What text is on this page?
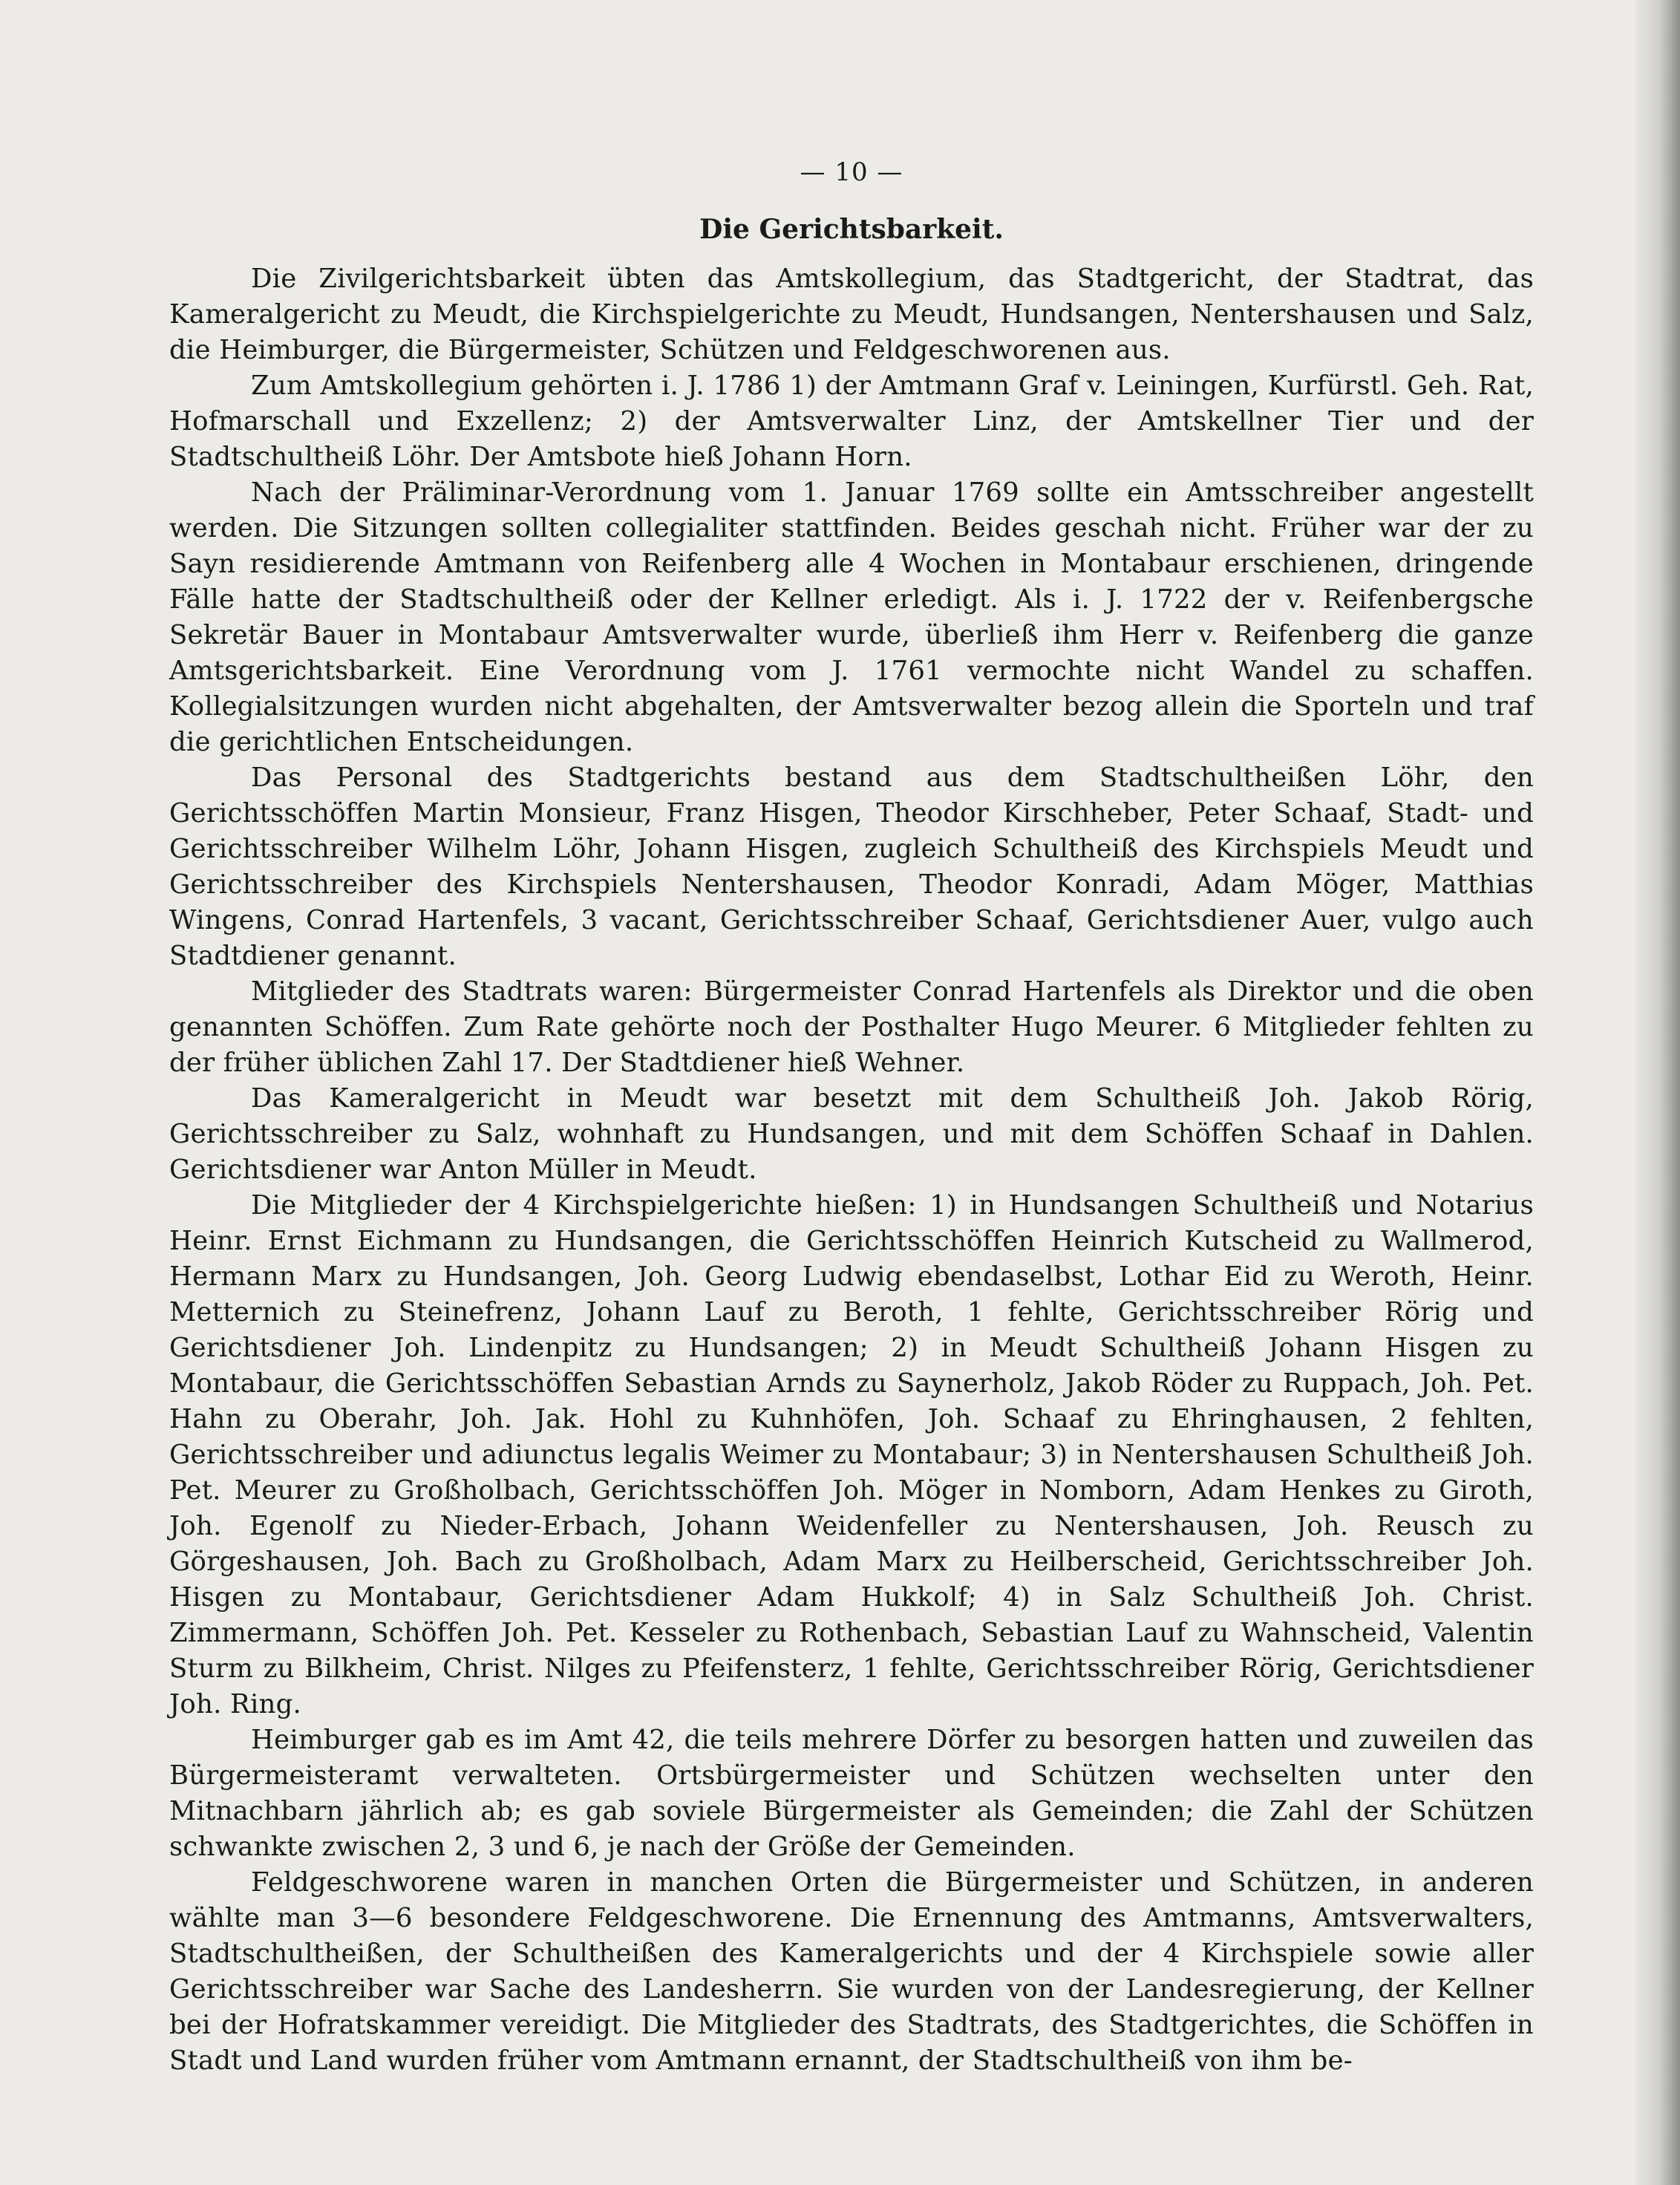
— 10 —
Die Gerichtsbarkeit.

Die Zivilgerichtsbarkeit übten das Amtskollegium, das Stadtgericht, der Stadtrat, das Kameralgericht zu Meudt, die Kirchspielgerichte zu Meudt, Hundsangen, Nentershausen und Salz, die Heimburger, die Bürgermeister, Schützen und Feldgeschworenen aus.

Zum Amtskollegium gehörten i. J. 1786 1) der Amtmann Graf v. Leiningen, Kurfürstl. Geh. Rat, Hofmarschall und Exzellenz; 2) der Amtsverwalter Linz, der Amtskellner Tier und der Stadtschultheiß Löhr. Der Amtsbote hieß Johann Horn.

Nach der Präliminar-Verordnung vom 1. Januar 1769 sollte ein Amtsschreiber angestellt werden. Die Sitzungen sollten collegialiter stattfinden. Beides geschah nicht. Früher war der zu Sayn residierende Amtmann von Reifenberg alle 4 Wochen in Montabaur erschienen, dringende Fälle hatte der Stadtschultheiß oder der Kellner erledigt. Als i. J. 1722 der v. Reifenbergsche Sekretär Bauer in Montabaur Amtsverwalter wurde, überließ ihm Herr v. Reifenberg die ganze Amtsgerichtsbarkeit. Eine Verordnung vom J. 1761 vermochte nicht Wandel zu schaffen. Kollegialsitzungen wurden nicht abgehalten, der Amtsverwalter bezog allein die Sporteln und traf die gerichtlichen Entscheidungen.

Das Personal des Stadtgerichts bestand aus dem Stadtschultheißen Löhr, den Gerichtsschöffen Martin Monsieur, Franz Hisgen, Theodor Kirschheber, Peter Schaaf, Stadt- und Gerichtsschreiber Wilhelm Löhr, Johann Hisgen, zugleich Schultheiß des Kirchspiels Meudt und Gerichtsschreiber des Kirchspiels Nentershausen, Theodor Konradi, Adam Möger, Matthias Wingens, Conrad Hartenfels, 3 vacant, Gerichtsschreiber Schaaf, Gerichtsdiener Auer, vulgo auch Stadtdiener genannt.

Mitglieder des Stadtrats waren: Bürgermeister Conrad Hartenfels als Direktor und die oben genannten Schöffen. Zum Rate gehörte noch der Posthalter Hugo Meurer. 6 Mitglieder fehlten zu der früher üblichen Zahl 17. Der Stadtdiener hieß Wehner.

Das Kameralgericht in Meudt war besetzt mit dem Schultheiß Joh. Jakob Rörig, Gerichtsschreiber zu Salz, wohnhaft zu Hundsangen, und mit dem Schöffen Schaaf in Dahlen. Gerichtsdiener war Anton Müller in Meudt.

Die Mitglieder der 4 Kirchspielgerichte hießen: 1) in Hundsangen Schultheiß und Notarius Heinr. Ernst Eichmann zu Hundsangen, die Gerichtsschöffen Heinrich Kutscheid zu Wallmerod, Hermann Marx zu Hundsangen, Joh. Georg Ludwig ebendaselbst, Lothar Eid zu Weroth, Heinr. Metternich zu Steinefrenz, Johann Lauf zu Beroth, 1 fehlte, Gerichtsschreiber Rörig und Gerichtsdiener Joh. Lindenpitz zu Hundsangen; 2) in Meudt Schultheiß Johann Hisgen zu Montabaur, die Gerichtsschöffen Sebastian Arnds zu Saynerholz, Jakob Röder zu Ruppach, Joh. Pet. Hahn zu Oberahr, Joh. Jak. Hohl zu Kuhnhöfen, Joh. Schaaf zu Ehringhausen, 2 fehlten, Gerichtsschreiber und adiunctus legalis Weimer zu Montabaur; 3) in Nentershausen Schultheiß Joh. Pet. Meurer zu Großholbach, Gerichtsschöffen Joh. Möger in Nomborn, Adam Henkes zu Giroth, Joh. Egenolf zu Nieder-Erbach, Johann Weidenfeller zu Nentershausen, Joh. Reusch zu Görgeshausen, Joh. Bach zu Großholbach, Adam Marx zu Heilberscheid, Gerichtsschreiber Joh. Hisgen zu Montabaur, Gerichtsdiener Adam Hukkolf; 4) in Salz Schultheiß Joh. Christ. Zimmermann, Schöffen Joh. Pet. Kesseler zu Rothenbach, Sebastian Lauf zu Wahnscheid, Valentin Sturm zu Bilkheim, Christ. Nilges zu Pfeifensterz, 1 fehlte, Gerichtsschreiber Rörig, Gerichtsdiener Joh. Ring.

Heimburger gab es im Amt 42, die teils mehrere Dörfer zu besorgen hatten und zuweilen das Bürgermeisteramt verwalteten. Ortsbürgermeister und Schützen wechselten unter den Mitnachbarn jährlich ab; es gab soviele Bürgermeister als Gemeinden; die Zahl der Schützen schwankte zwischen 2, 3 und 6, je nach der Größe der Gemeinden.

Feldgeschworene waren in manchen Orten die Bürgermeister und Schützen, in anderen wählte man 3—6 besondere Feldgeschworene. Die Ernennung des Amtmanns, Amtsverwalters, Stadtschultheißen, der Schultheißen des Kameralgerichts und der 4 Kirchspiele sowie aller Gerichtsschreiber war Sache des Landesherrn. Sie wurden von der Landesregierung, der Kellner bei der Hofratskammer vereidigt. Die Mitglieder des Stadtrats, des Stadtgerichtes, die Schöffen in Stadt und Land wurden früher vom Amtmann ernannt, der Stadtschultheiß von ihm be-
